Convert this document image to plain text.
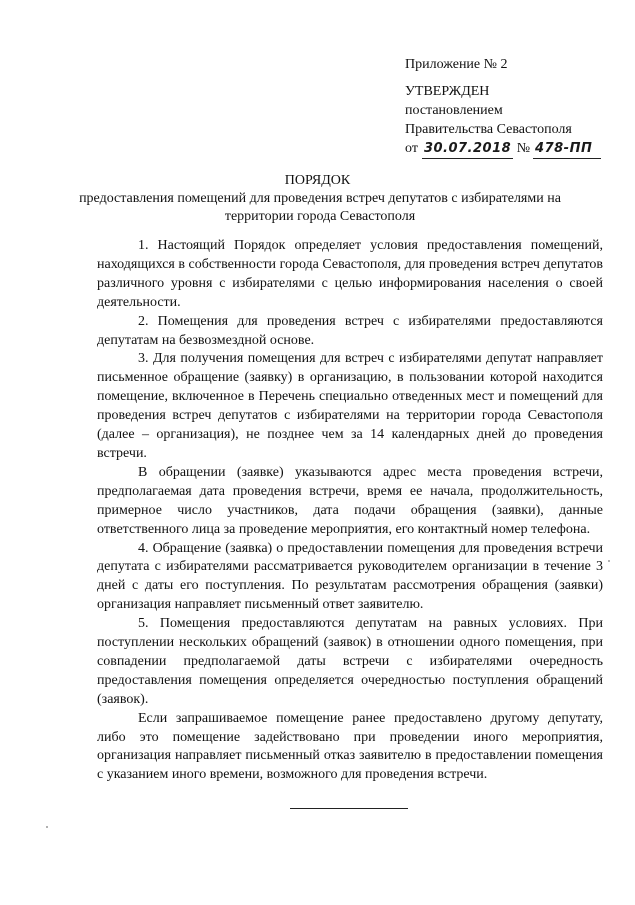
Приложение № 2
УТВЕРЖДЕН
постановлением
Правительства Севастополя
от 30.07.2018 № 478-ПП
ПОРЯДОК
предоставления помещений для проведения встреч депутатов с избирателями на территории города Севастополя

1. Настоящий Порядок определяет условия предоставления помещений, находящихся в собственности города Севастополя, для проведения встреч депутатов различного уровня с избирателями с целью информирования населения о своей деятельности.

2. Помещения для проведения встреч с избирателями предоставляются депутатам на безвозмездной основе.

3. Для получения помещения для встреч с избирателями депутат направляет письменное обращение (заявку) в организацию, в пользовании которой находится помещение, включенное в Перечень специально отведенных мест и помещений для проведения встреч депутатов с избирателями на территории города Севастополя (далее – организация), не позднее чем за 14 календарных дней до проведения встречи.

В обращении (заявке) указываются адрес места проведения встречи, предполагаемая дата проведения встречи, время ее начала, продолжительность, примерное число участников, дата подачи обращения (заявки), данные ответственного лица за проведение мероприятия, его контактный номер телефона.

4. Обращение (заявка) о предоставлении помещения для проведения встречи депутата с избирателями рассматривается руководителем организации в течение 3 дней с даты его поступления. По результатам рассмотрения обращения (заявки) организация направляет письменный ответ заявителю.

5. Помещения предоставляются депутатам на равных условиях. При поступлении нескольких обращений (заявок) в отношении одного помещения, при совпадении предполагаемой даты встречи с избирателями очередность предоставления помещения определяется очередностью поступления обращений (заявок).

Если запрашиваемое помещение ранее предоставлено другому депутату, либо это помещение задействовано при проведении иного мероприятия, организация направляет письменный отказ заявителю в предоставлении помещения с указанием иного времени, возможного для проведения встречи.
